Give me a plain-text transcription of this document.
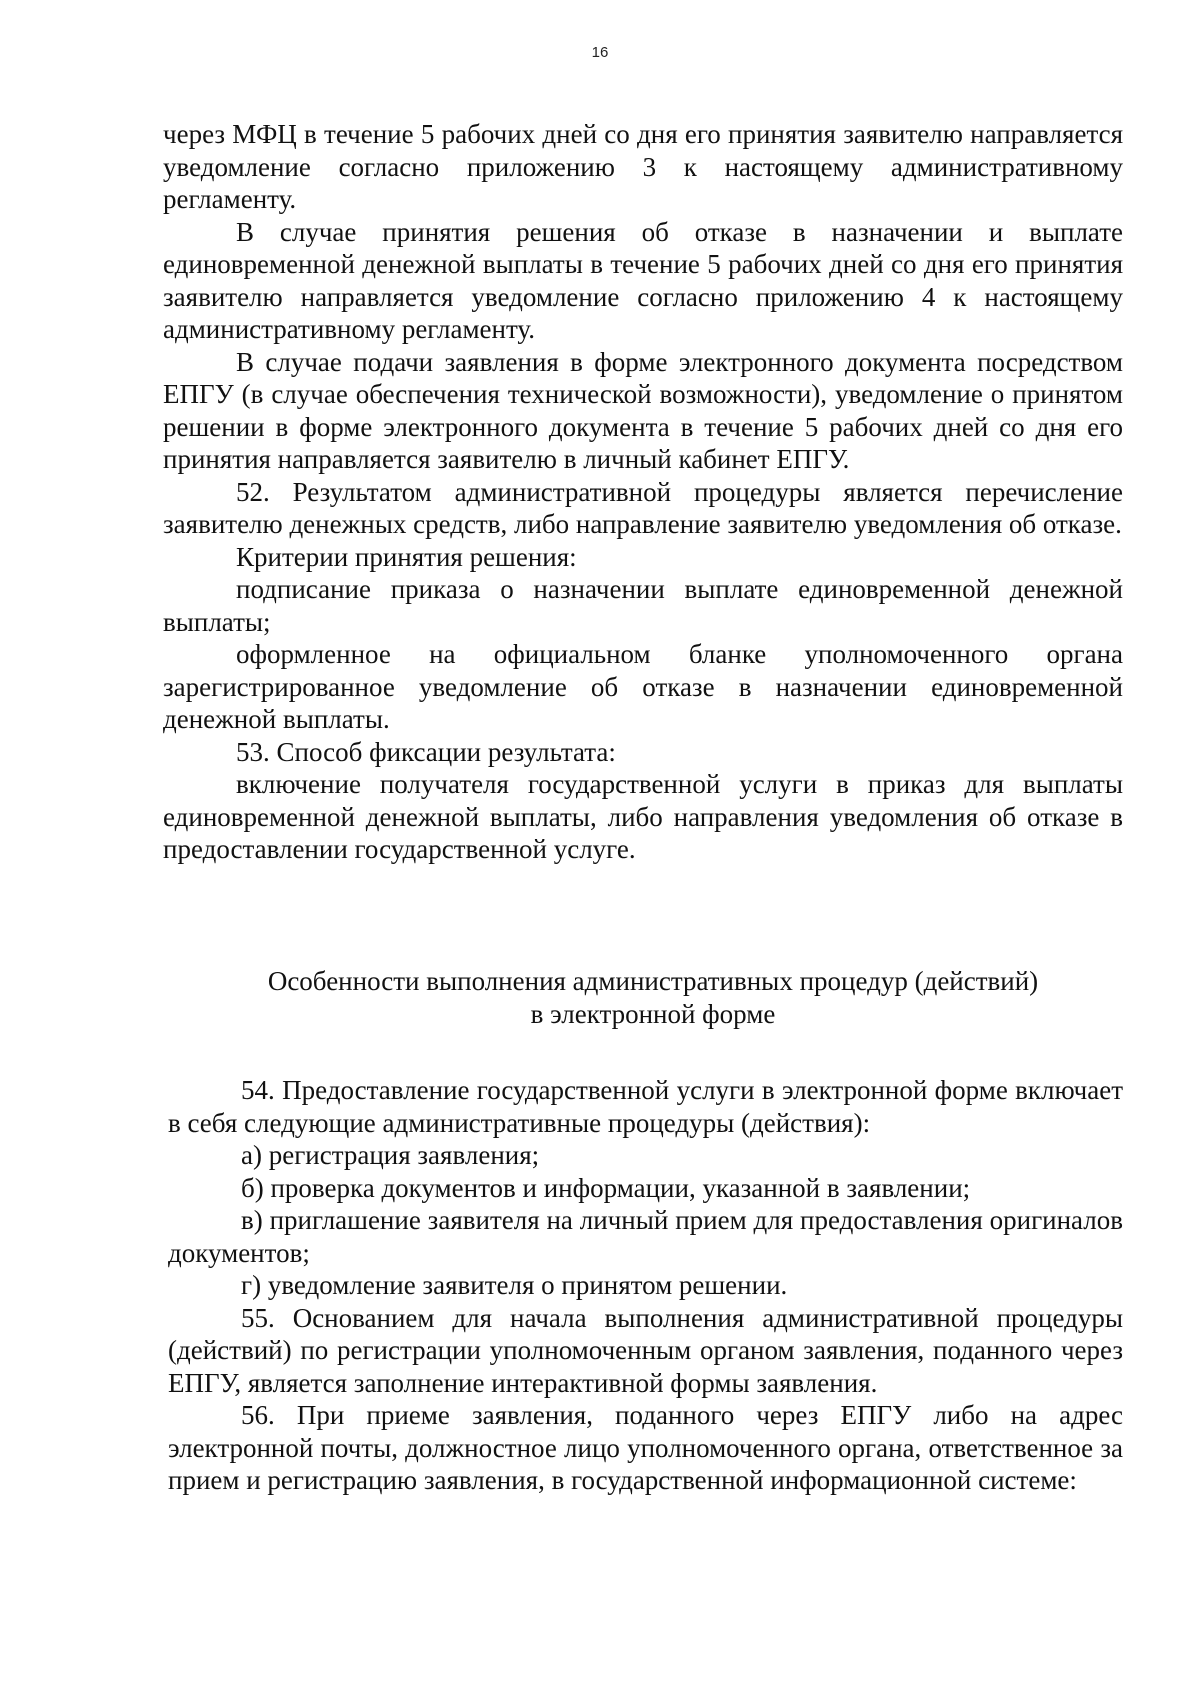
16

через МФЦ в течение 5 рабочих дней со дня его принятия заявителю направляется уведомление согласно приложению 3 к настоящему административному регламенту.

В случае принятия решения об отказе в назначении и выплате единовременной денежной выплаты в течение 5 рабочих дней со дня его принятия заявителю направляется уведомление согласно приложению 4 к настоящему административному регламенту.

В случае подачи заявления в форме электронного документа посредством ЕПГУ (в случае обеспечения технической возможности), уведомление о принятом решении в форме электронного документа в течение 5 рабочих дней со дня его принятия направляется заявителю в личный кабинет ЕПГУ.

52. Результатом административной процедуры является перечисление заявителю денежных средств, либо направление заявителю уведомления об отказе.

Критерии принятия решения:

подписание приказа о назначении выплате единовременной денежной выплаты;

оформленное на официальном бланке уполномоченного органа зарегистрированное уведомление об отказе в назначении единовременной денежной выплаты.

53. Способ фиксации результата:

включение получателя государственной услуги в приказ для выплаты единовременной денежной выплаты, либо направления уведомления об отказе в предоставлении государственной услуге.

Особенности выполнения административных процедур (действий)

в электронной форме

54. Предоставление государственной услуги в электронной форме включает в себя следующие административные процедуры (действия):

а) регистрация заявления;

б) проверка документов и информации, указанной в заявлении;

в) приглашение заявителя на личный прием для предоставления оригиналов документов;

г) уведомление заявителя о принятом решении.

55. Основанием для начала выполнения административной процедуры (действий) по регистрации уполномоченным органом заявления, поданного через ЕПГУ, является заполнение интерактивной формы заявления.

56. При приеме заявления, поданного через ЕПГУ либо на адрес электронной почты, должностное лицо уполномоченного органа, ответственное за прием и регистрацию заявления, в государственной информационной системе:
